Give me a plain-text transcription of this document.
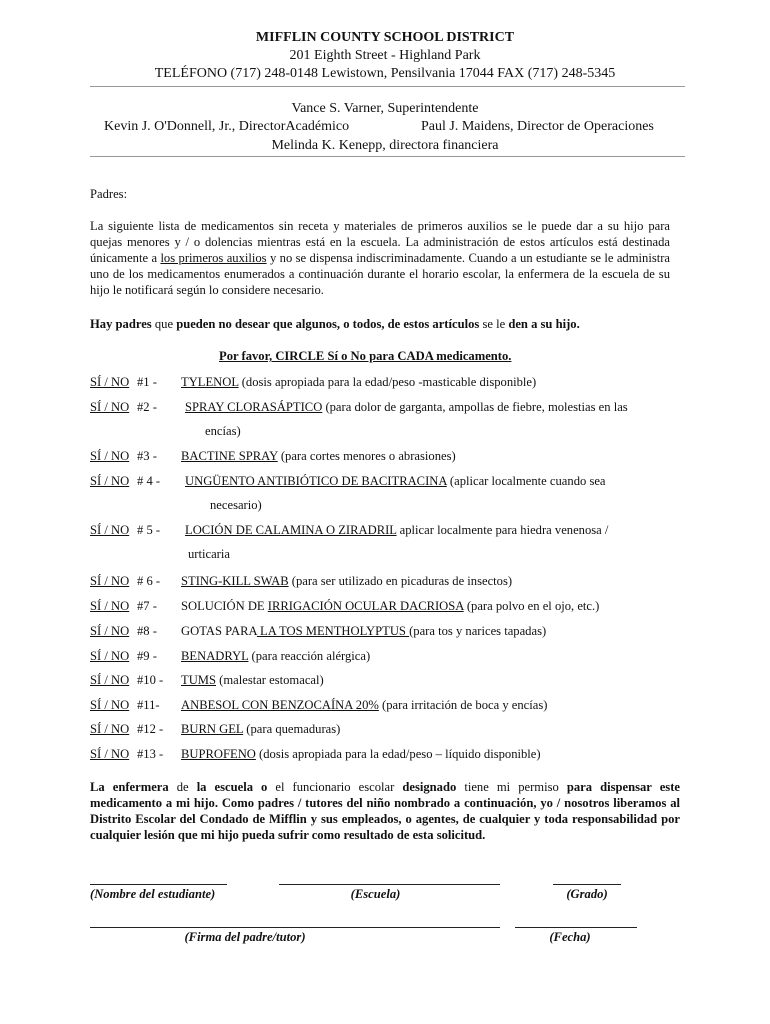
MIFFLIN COUNTY SCHOOL DISTRICT
201 Eighth Street - Highland Park
TELÉFONO (717) 248-0148 Lewistown, Pensilvania 17044 FAX (717) 248-5345
Vance S. Varner, Superintendente
Kevin J. O'Donnell, Jr., DirectorAcadémico	Paul J. Maidens, Director de Operaciones
Melinda K. Kenepp, directora financiera
Padres:
La siguiente lista de medicamentos sin receta y materiales de primeros auxilios se le puede dar a su hijo para quejas menores y / o dolencias mientras está en la escuela. La administración de estos artículos está destinada únicamente a los primeros auxilios y no se dispensa indiscriminadamente. Cuando a un estudiante se le administra uno de los medicamentos enumerados a continuación durante el horario escolar, la enfermera de la escuela de su hijo le notificará según lo considere necesario.
Hay padres que pueden no desear que algunos, o todos, de estos artículos se le den a su hijo.
Por favor, CIRCLE Sí o No para CADA medicamento.
SÍ / NO #1 - TYLENOL (dosis apropiada para la edad/peso -masticable disponible)
SÍ / NO #2 - SPRAY CLORASÁPTICO (para dolor de garganta, ampollas de fiebre, molestias en las
encías)
SÍ / NO #3 - BACTINE SPRAY (para cortes menores o abrasiones)
SÍ / NO # 4 - UNGÜENTO ANTIBIÓTICO DE BACITRACINA (aplicar localmente cuando sea
necesario)
SÍ / NO # 5 - LOCIÓN DE CALAMINA O ZIRADRIL aplicar localmente para hiedra venenosa /
urticaria
SÍ / NO # 6 - STING-KILL SWAB (para ser utilizado en picaduras de insectos)
SÍ / NO #7 - SOLUCIÓN DE IRRIGACIÓN OCULAR DACRIOSA (para polvo en el ojo, etc.)
SÍ / NO #8 - GOTAS PARA LA TOS MENTHOLYPTUS (para tos y narices tapadas)
SÍ / NO #9 - BENADRYL (para reacción alérgica)
SÍ / NO #10 - TUMS (malestar estomacal)
SÍ / NO #11- ANBESOL CON BENZOCAÍNA 20% (para irritación de boca y encías)
SÍ / NO #12 - BURN GEL (para quemaduras)
SÍ / NO #13 - BUPROFENO (dosis apropiada para la edad/peso – líquido disponible)
La enfermera de la escuela o el funcionario escolar designado tiene mi permiso para dispensar este medicamento a mi hijo. Como padres / tutores del niño nombrado a continuación, yo / nosotros liberamos al Distrito Escolar del Condado de Mifflin y sus empleados, o agentes, de cualquier y toda responsabilidad por cualquier lesión que mi hijo pueda sufrir como resultado de esta solicitud.
(Nombre del estudiante)	(Escuela)	(Grado)
(Firma del padre/tutor)	(Fecha)
